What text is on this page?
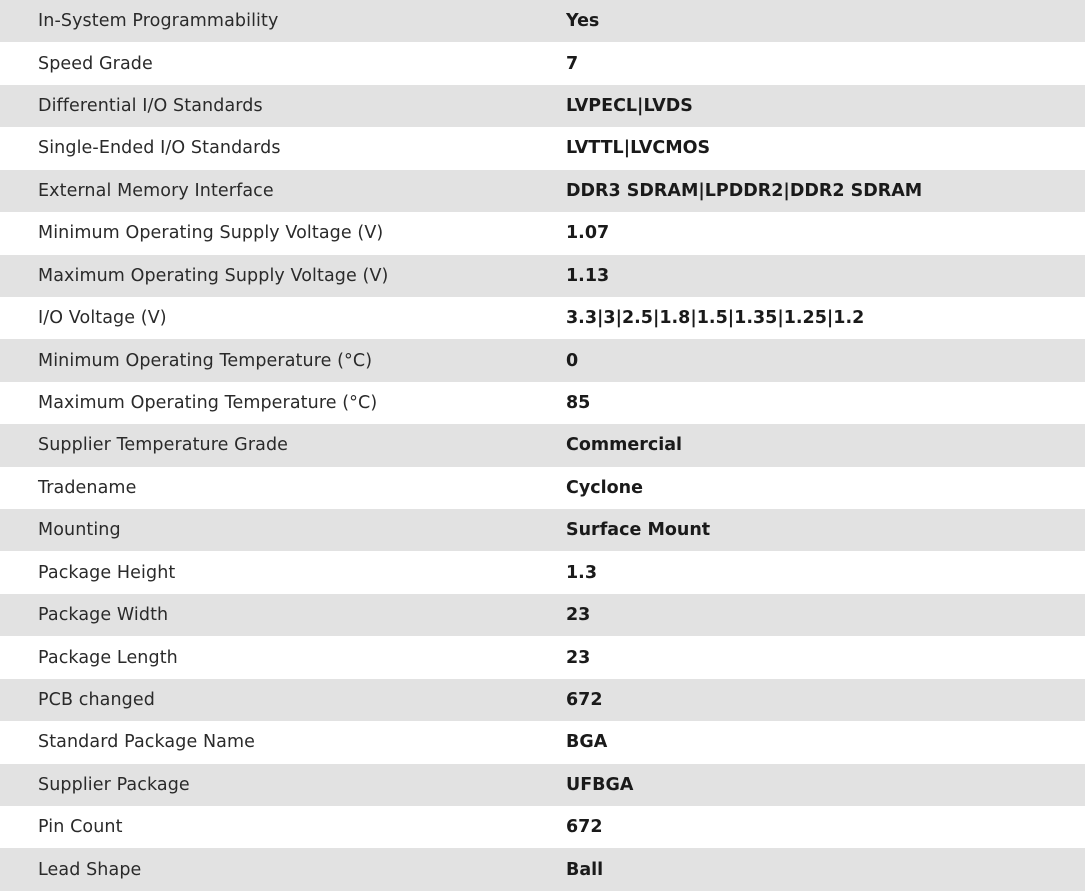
In-System Programmability	Yes
Speed Grade	7
Differential I/O Standards	LVPECL|LVDS
Single-Ended I/O Standards	LVTTL|LVCMOS
External Memory Interface	DDR3 SDRAM|LPDDR2|DDR2 SDRAM
Minimum Operating Supply Voltage (V)	1.07
Maximum Operating Supply Voltage (V)	1.13
I/O Voltage (V)	3.3|3|2.5|1.8|1.5|1.35|1.25|1.2
Minimum Operating Temperature (°C)	0
Maximum Operating Temperature (°C)	85
Supplier Temperature Grade	Commercial
Tradename	Cyclone
Mounting	Surface Mount
Package Height	1.3
Package Width	23
Package Length	23
PCB changed	672
Standard Package Name	BGA
Supplier Package	UFBGA
Pin Count	672
Lead Shape	Ball
